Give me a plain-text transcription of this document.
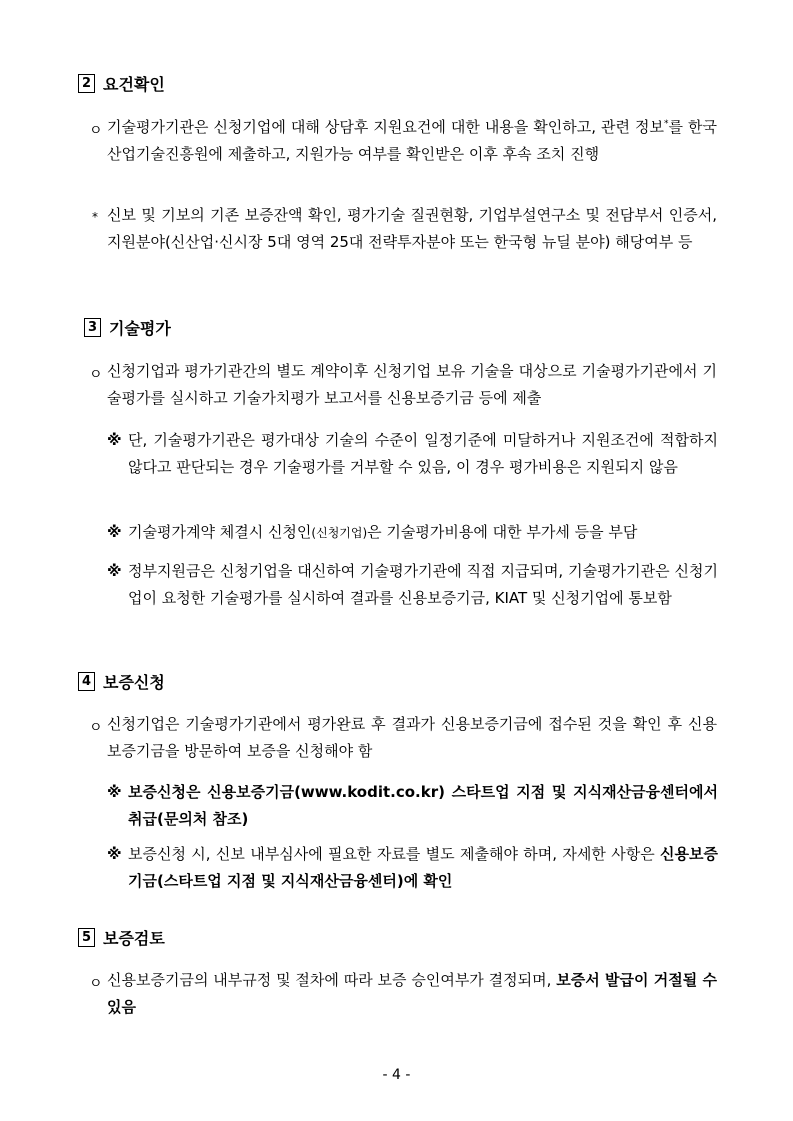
2 요건확인
ㅇ 기술평가기관은 신청기업에 대해 상담후 지원요건에 대한 내용을 확인하고, 관련 정보*를 한국산업기술진흥원에 제출하고, 지원가능 여부를 확인받은 이후 후속 조치 진행
* 신보 및 기보의 기존 보증잔액 확인, 평가기술 질권현황, 기업부설연구소 및 전담부서 인증서, 지원분야(신산업·신시장 5대 영역 25대 전략투자분야 또는 한국형 뉴딜 분야) 해당여부 등
3 기술평가
ㅇ 신청기업과 평가기관간의 별도 계약이후 신청기업 보유 기술을 대상으로 기술평가기관에서 기술평가를 실시하고 기술가치평가 보고서를 신용보증기금 등에 제출
※ 단, 기술평가기관은 평가대상 기술의 수준이 일정기준에 미달하거나 지원조건에 적합하지 않다고 판단되는 경우 기술평가를 거부할 수 있음, 이 경우 평가비용은 지원되지 않음
※ 기술평가계약 체결시 신청인(신청기업)은 기술평가비용에 대한 부가세 등을 부담
※ 정부지원금은 신청기업을 대신하여 기술평가기관에 직접 지급되며, 기술평가기관은 신청기업이 요청한 기술평가를 실시하여 결과를 신용보증기금, KIAT 및 신청기업에 통보함
4 보증신청
ㅇ 신청기업은 기술평가기관에서 평가완료 후 결과가 신용보증기금에 접수된 것을 확인 후 신용보증기금을 방문하여 보증을 신청해야 함
※ 보증신청은 신용보증기금(www.kodit.co.kr) 스타트업 지점 및 지식재산금융센터에서 취급(문의처 참조)
※ 보증신청 시, 신보 내부심사에 필요한 자료를 별도 제출해야 하며, 자세한 사항은 신용보증기금(스타트업 지점 및 지식재산금융센터)에 확인
5 보증검토
ㅇ 신용보증기금의 내부규정 및 절차에 따라 보증 승인여부가 결정되며, 보증서 발급이 거절될 수 있음
- 4 -
